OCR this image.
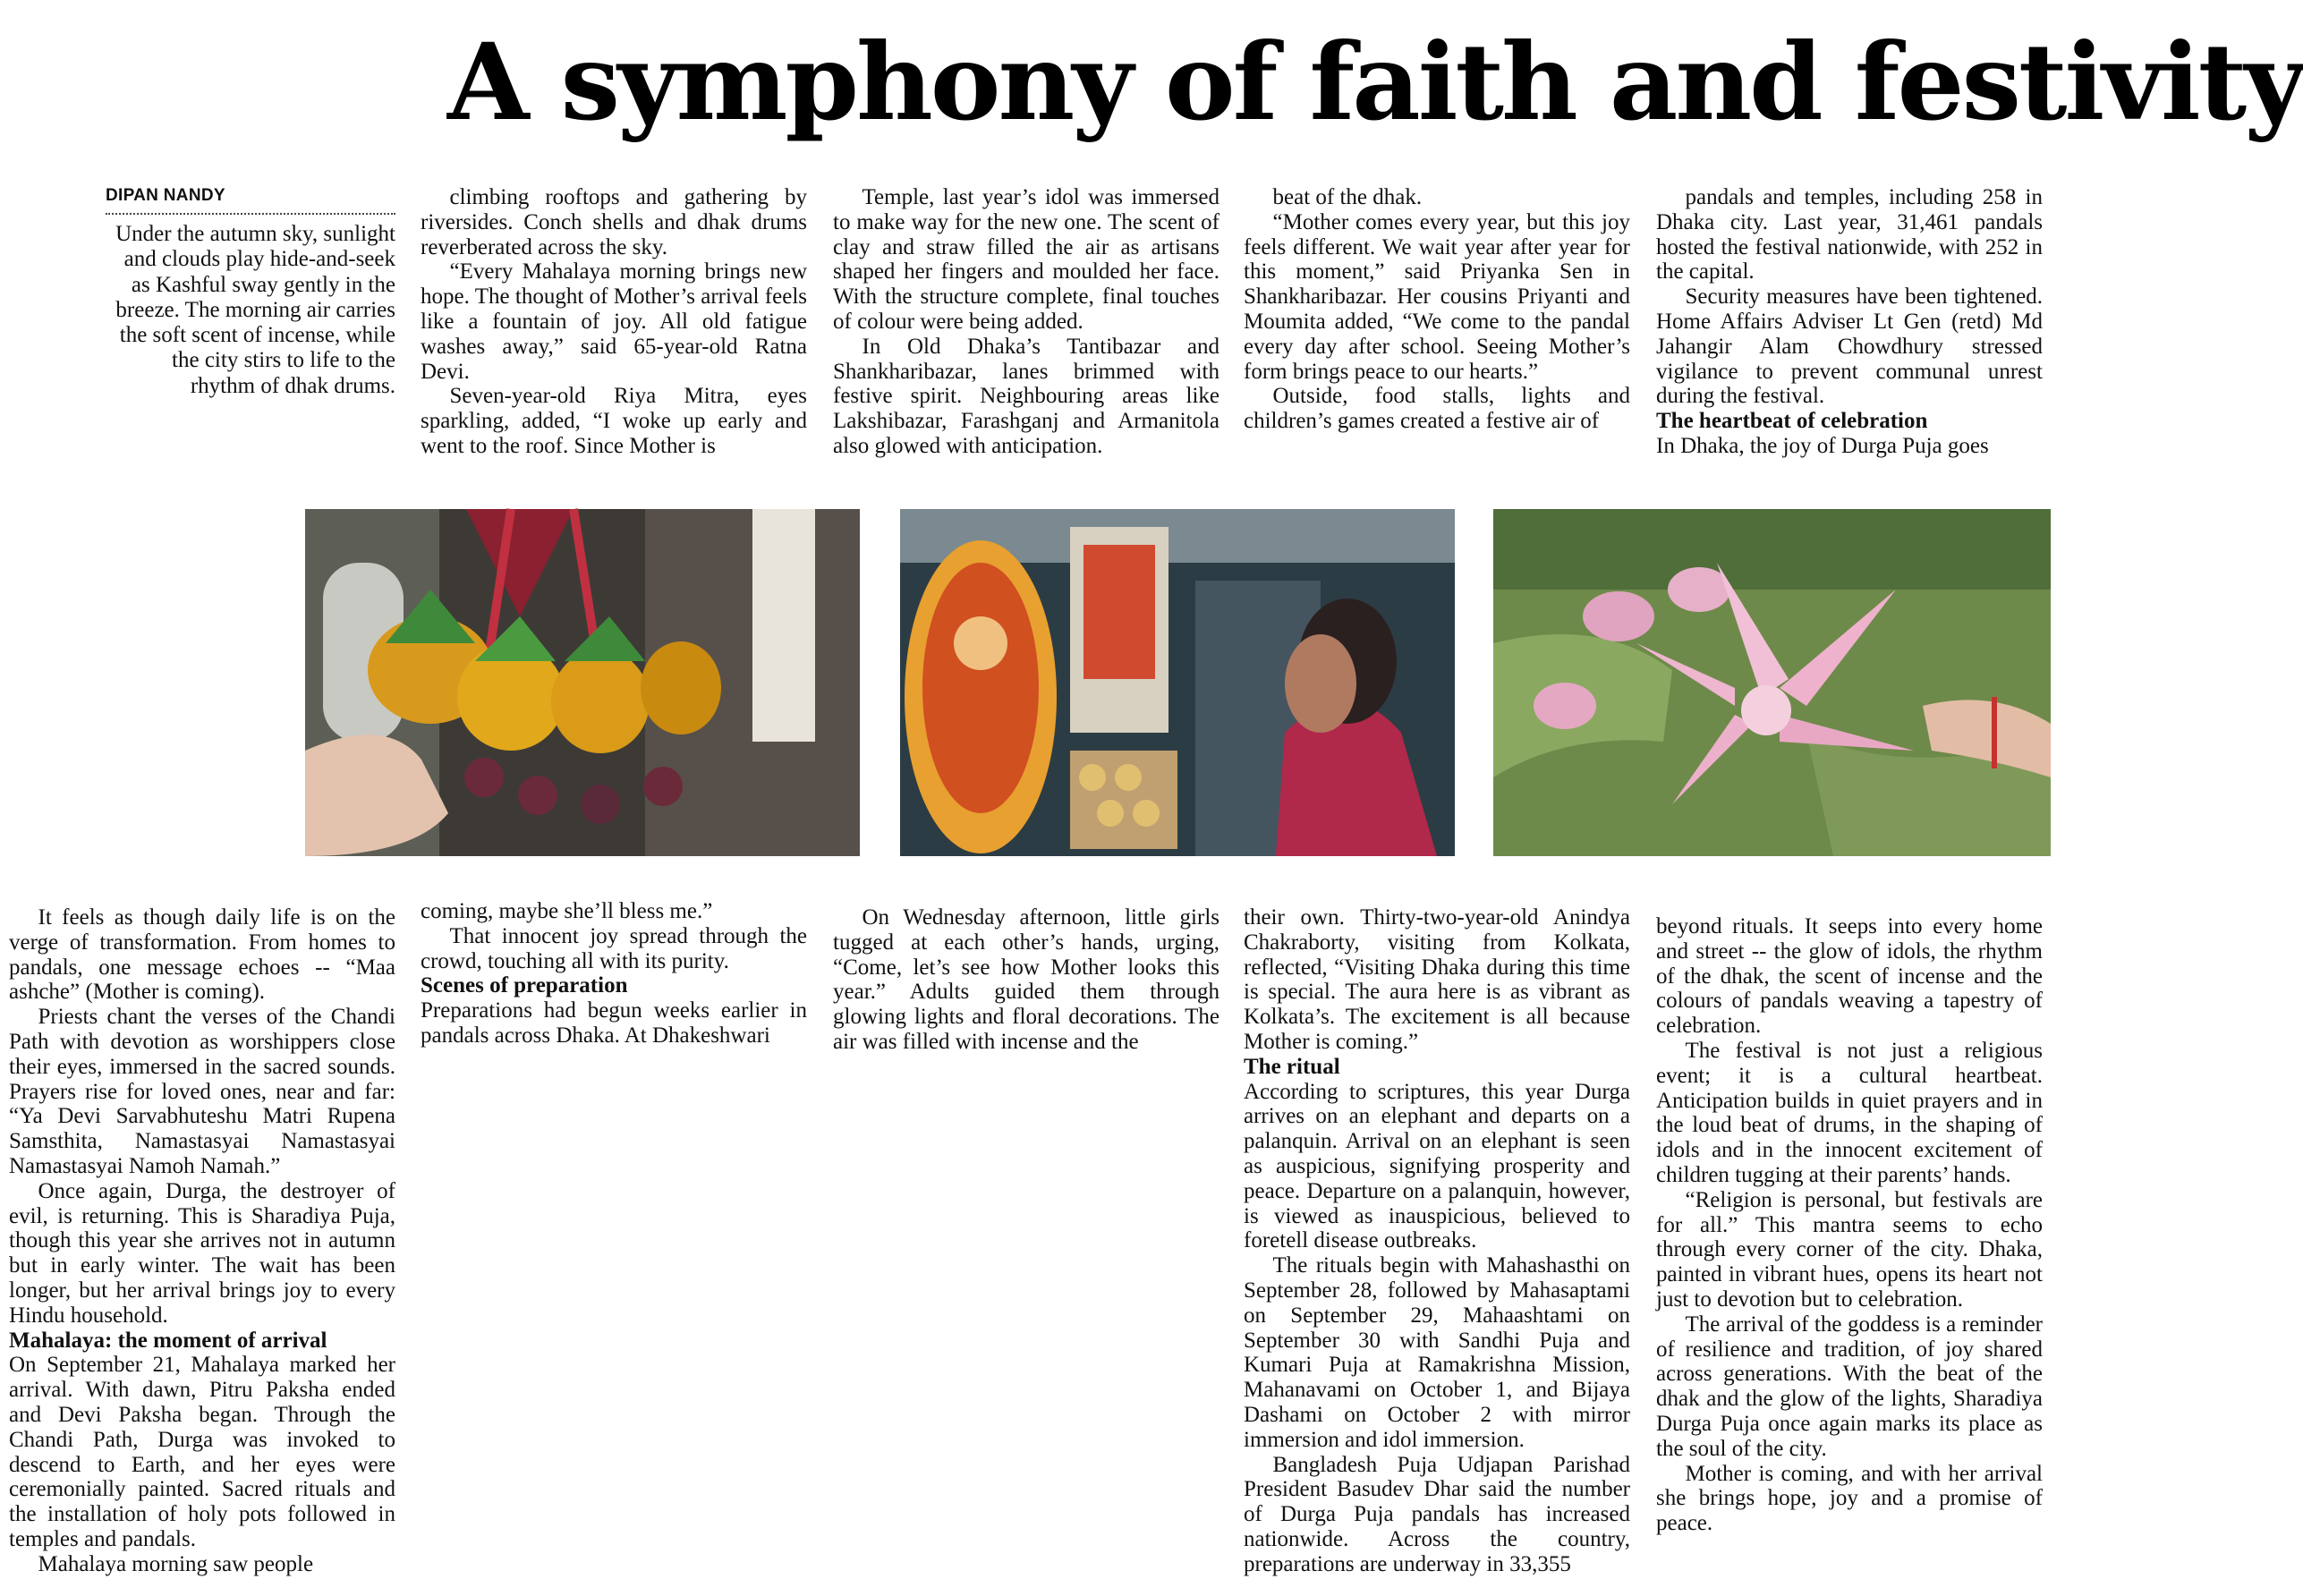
A symphony of faith and festivity
DIPAN NANDY

Under the autumn sky, sunlight and clouds play hide-and-seek as Kashful sway gently in the breeze. The morning air carries the soft scent of incense, while the city stirs to life to the rhythm of dhak drums.

climbing rooftops and gathering by riversides. Conch shells and dhak drums reverberated across the sky.

“Every Mahalaya morning brings new hope. The thought of Mother’s arrival feels like a fountain of joy. All old fatigue washes away,” said 65-year-old Ratna Devi.

Seven-year-old Riya Mitra, eyes sparkling, added, “I woke up early and went to the roof. Since Mother is

Temple, last year’s idol was immersed to make way for the new one. The scent of clay and straw filled the air as artisans shaped her fingers and moulded her face. With the structure complete, final touches of colour were being added.

In Old Dhaka’s Tantibazar and Shankharibazar, lanes brimmed with festive spirit. Neighbouring areas like Lakshibazar, Farashganj and Armanitola also glowed with anticipation.

beat of the dhak.

“Mother comes every year, but this joy feels different. We wait year after year for this moment,” said Priyanka Sen in Shankharibazar. Her cousins Priyanti and Moumita added, “We come to the pandal every day after school. Seeing Mother’s form brings peace to our hearts.”

Outside, food stalls, lights and children’s games created a festive air of

pandals and temples, including 258 in Dhaka city. Last year, 31,461 pandals hosted the festival nationwide, with 252 in the capital.

Security measures have been tightened. Home Affairs Adviser Lt Gen (retd) Md Jahangir Alam Chowdhury stressed vigilance to prevent communal unrest during the festival.

The heartbeat of celebration

In Dhaka, the joy of Durga Puja goes

It feels as though daily life is on the verge of transformation. From homes to pandals, one message echoes -- “Maa ashche” (Mother is coming).

Priests chant the verses of the Chandi Path with devotion as worshippers close their eyes, immersed in the sacred sounds. Prayers rise for loved ones, near and far: “Ya Devi Sarvabhuteshu Matri Rupena Samsthita, Namastasyai Namastasyai Namastasyai Namoh Namah.”

Once again, Durga, the destroyer of evil, is returning. This is Sharadiya Puja, though this year she arrives not in autumn but in early winter. The wait has been longer, but her arrival brings joy to every Hindu household.

Mahalaya: the moment of arrival

On September 21, Mahalaya marked her arrival. With dawn, Pitru Paksha ended and Devi Paksha began. Through the Chandi Path, Durga was invoked to descend to Earth, and her eyes were ceremonially painted. Sacred rituals and the installation of holy pots followed in temples and pandals.

Mahalaya morning saw people

coming, maybe she’ll bless me.”

That innocent joy spread through the crowd, touching all with its purity.

Scenes of preparation

Preparations had begun weeks earlier in pandals across Dhaka. At Dhakeshwari

On Wednesday afternoon, little girls tugged at each other’s hands, urging, “Come, let’s see how Mother looks this year.” Adults guided them through glowing lights and floral decorations. The air was filled with incense and the

their own. Thirty-two-year-old Anindya Chakraborty, visiting from Kolkata, reflected, “Visiting Dhaka during this time is special. The aura here is as vibrant as Kolkata’s. The excitement is all because Mother is coming.”

The ritual

According to scriptures, this year Durga arrives on an elephant and departs on a palanquin. Arrival on an elephant is seen as auspicious, signifying prosperity and peace. Departure on a palanquin, however, is viewed as inauspicious, believed to foretell disease outbreaks.

The rituals begin with Mahashasthi on September 28, followed by Mahasaptami on September 29, Mahaashtami on September 30 with Sandhi Puja and Kumari Puja at Ramakrishna Mission, Mahanavami on October 1, and Bijaya Dashami on October 2 with mirror immersion and idol immersion.

Bangladesh Puja Udjapan Parishad President Basudev Dhar said the number of Durga Puja pandals has increased nationwide. Across the country, preparations are underway in 33,355

beyond rituals. It seeps into every home and street -- the glow of idols, the rhythm of the dhak, the scent of incense and the colours of pandals weaving a tapestry of celebration.

The festival is not just a religious event; it is a cultural heartbeat. Anticipation builds in quiet prayers and in the loud beat of drums, in the shaping of idols and in the innocent excitement of children tugging at their parents’ hands.

“Religion is personal, but festivals are for all.” This mantra seems to echo through every corner of the city. Dhaka, painted in vibrant hues, opens its heart not just to devotion but to celebration.

The arrival of the goddess is a reminder of resilience and tradition, of joy shared across generations. With the beat of the dhak and the glow of the lights, Sharadiya Durga Puja once again marks its place as the soul of the city.

Mother is coming, and with her arrival she brings hope, joy and a promise of peace.
